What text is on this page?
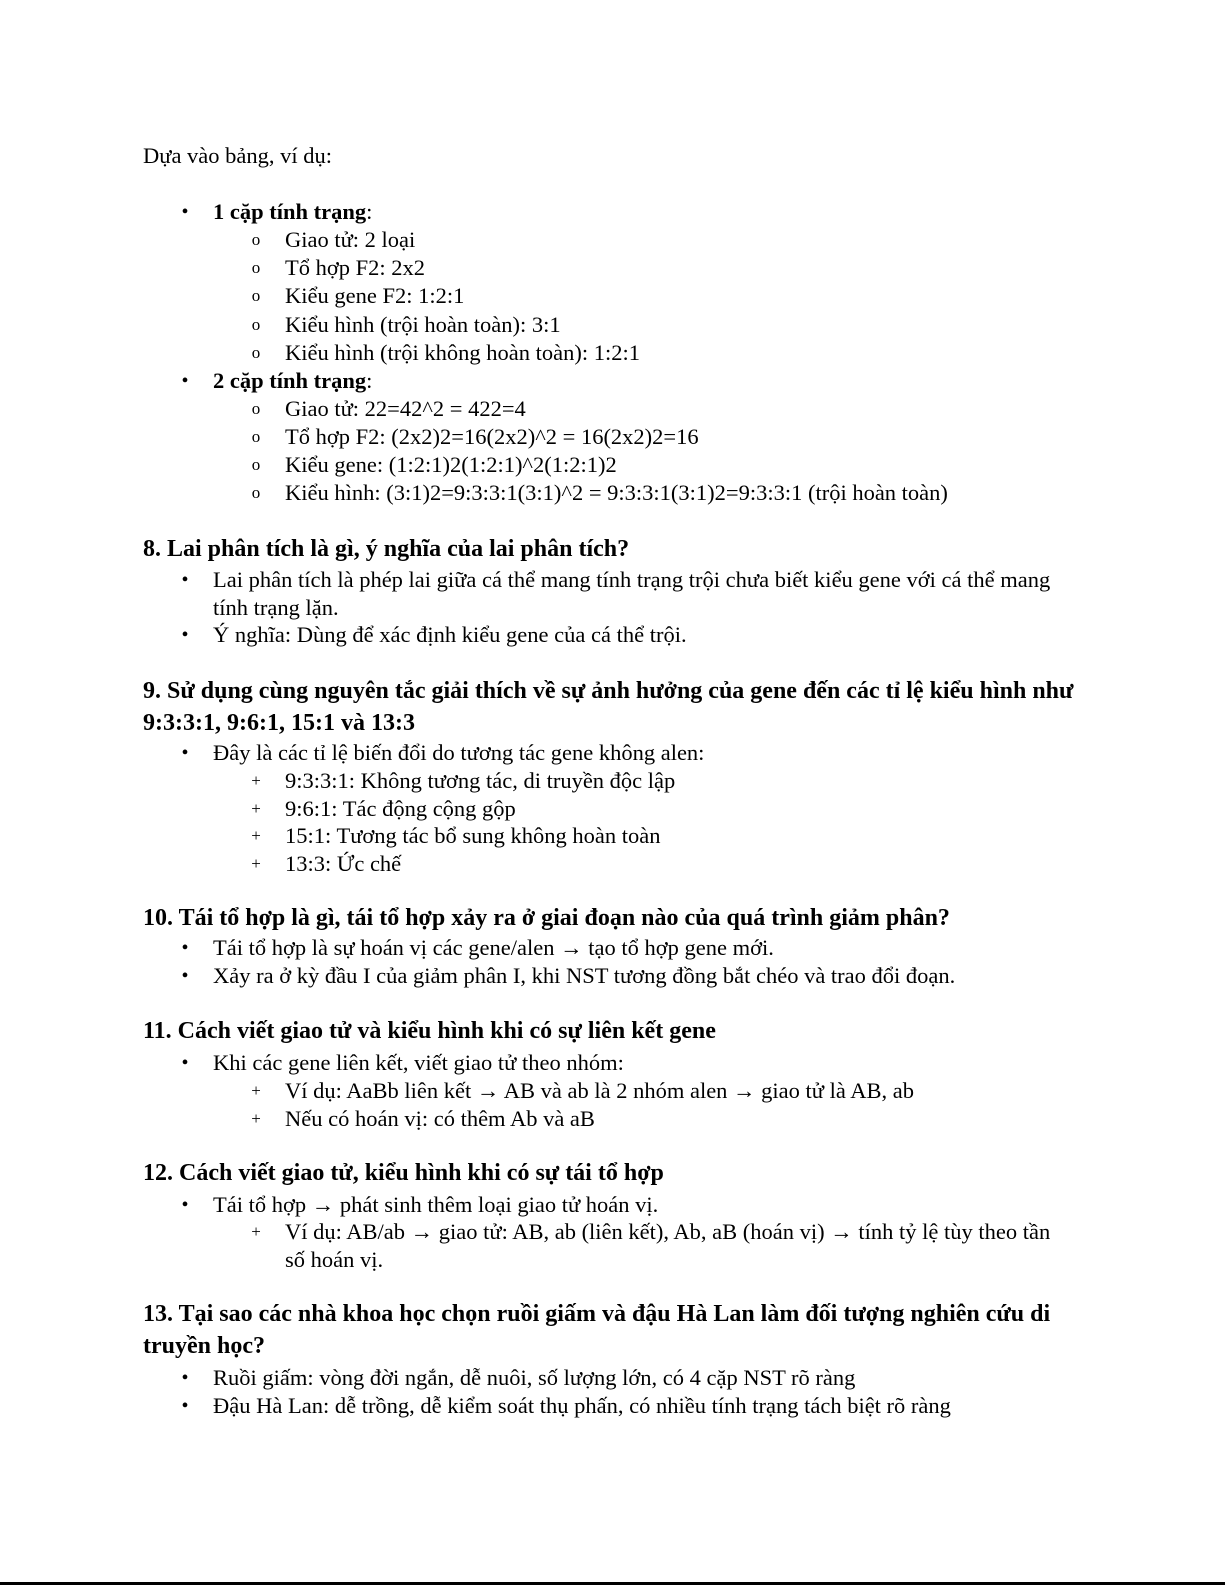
Dựa vào bảng, ví dụ:
• 1 cặp tính trạng:
o Giao tử: 2 loại
o Tổ hợp F2: 2x2
o Kiểu gene F2: 1:2:1
o Kiểu hình (trội hoàn toàn): 3:1
o Kiểu hình (trội không hoàn toàn): 1:2:1
• 2 cặp tính trạng:
o Giao tử: 22=42^2 = 422=4
o Tổ hợp F2: (2x2)2=16(2x2)^2 = 16(2x2)2=16
o Kiểu gene: (1:2:1)2(1:2:1)^2(1:2:1)2
o Kiểu hình: (3:1)2=9:3:3:1(3:1)^2 = 9:3:3:1(3:1)2=9:3:3:1 (trội hoàn toàn)
8. Lai phân tích là gì, ý nghĩa của lai phân tích?
• Lai phân tích là phép lai giữa cá thể mang tính trạng trội chưa biết kiểu gene với cá thể mang tính trạng lặn.
• Ý nghĩa: Dùng để xác định kiểu gene của cá thể trội.
9. Sử dụng cùng nguyên tắc giải thích về sự ảnh hưởng của gene đến các tỉ lệ kiểu hình như 9:3:3:1, 9:6:1, 15:1 và 13:3
• Đây là các tỉ lệ biến đổi do tương tác gene không alen:
+ 9:3:3:1: Không tương tác, di truyền độc lập
+ 9:6:1: Tác động cộng gộp
+ 15:1: Tương tác bổ sung không hoàn toàn
+ 13:3: Ức chế
10. Tái tổ hợp là gì, tái tổ hợp xảy ra ở giai đoạn nào của quá trình giảm phân?
• Tái tổ hợp là sự hoán vị các gene/alen → tạo tổ hợp gene mới.
• Xảy ra ở kỳ đầu I của giảm phân I, khi NST tương đồng bắt chéo và trao đổi đoạn.
11. Cách viết giao tử và kiểu hình khi có sự liên kết gene
• Khi các gene liên kết, viết giao tử theo nhóm:
+ Ví dụ: AaBb liên kết → AB và ab là 2 nhóm alen → giao tử là AB, ab
+ Nếu có hoán vị: có thêm Ab và aB
12. Cách viết giao tử, kiểu hình khi có sự tái tổ hợp
• Tái tổ hợp → phát sinh thêm loại giao tử hoán vị.
+ Ví dụ: AB/ab → giao tử: AB, ab (liên kết), Ab, aB (hoán vị) → tính tỷ lệ tùy theo tần số hoán vị.
13. Tại sao các nhà khoa học chọn ruồi giấm và đậu Hà Lan làm đối tượng nghiên cứu di truyền học?
• Ruồi giấm: vòng đời ngắn, dễ nuôi, số lượng lớn, có 4 cặp NST rõ ràng
• Đậu Hà Lan: dễ trồng, dễ kiểm soát thụ phấn, có nhiều tính trạng tách biệt rõ ràng
